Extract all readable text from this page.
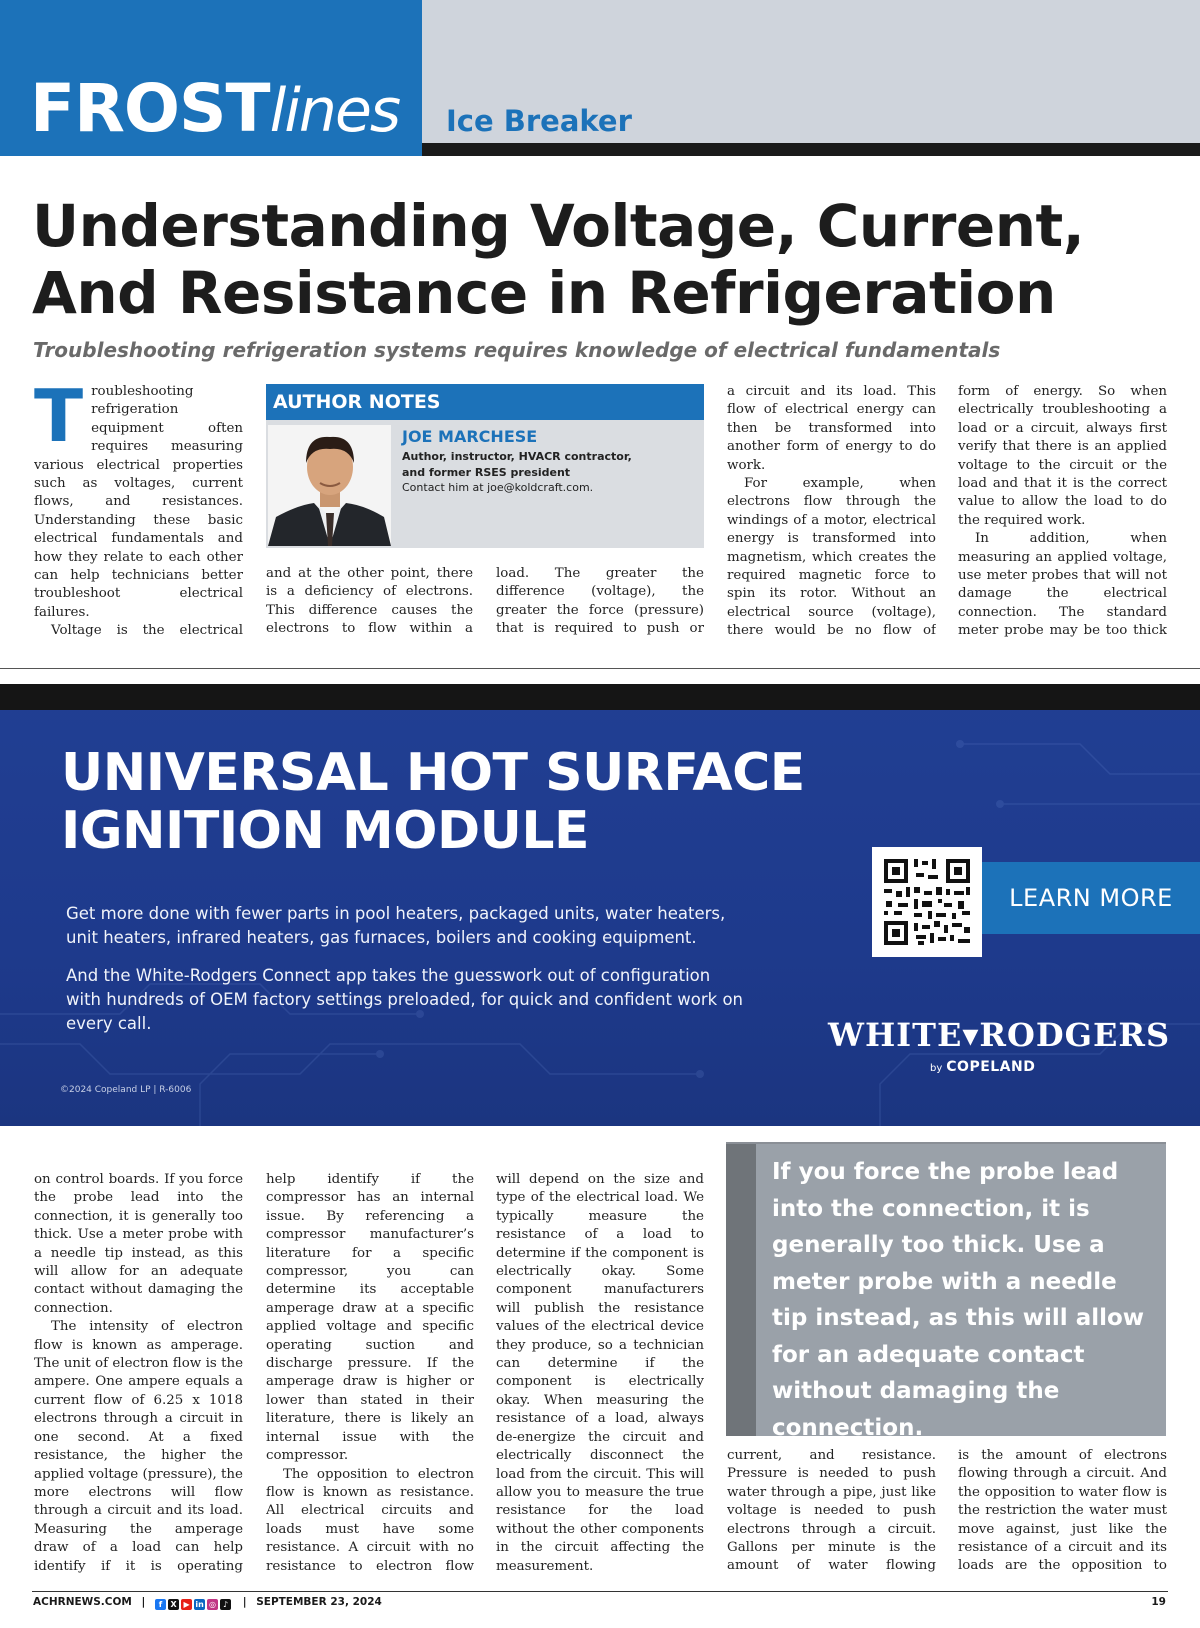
FROSTlines Ice Breaker
Understanding Voltage, Current,
And Resistance in Refrigeration
Troubleshooting refrigeration systems requires knowledge of electrical fundamentals

Troubleshooting refrigeration equipment often requires measuring various electrical properties such as voltages, current flows, and resistances. Understanding these basic electrical fundamentals and how they relate to each other can help technicians better troubleshoot electrical failures.

Voltage is the electrical

AUTHOR NOTES
JOE MARCHESE
Author, instructor, HVACR contractor,
and former RSES president
Contact him at joe@koldcraft.com.

and at the other point, there is a deficiency of electrons. This difference causes the electrons to flow within a

load. The greater the difference (voltage), the greater the force (pressure) that is required to push or

a circuit and its load. This flow of electrical energy can then be transformed into another form of energy to do work.

For example, when electrons flow through the windings of a motor, electrical energy is transformed into magnetism, which creates the required magnetic force to spin its rotor. Without an electrical source (voltage), there would be no flow of

form of energy. So when electrically troubleshooting a load or a circuit, always first verify that there is an applied voltage to the circuit or the load and that it is the correct value to allow the load to do the required work.

In addition, when measuring an applied voltage, use meter probes that will not damage the electrical connection. The standard meter probe may be too thick

UNIVERSAL HOT SURFACE
IGNITION MODULE
Get more done with fewer parts in pool heaters, packaged units, water heaters, unit heaters, infrared heaters, gas furnaces, boilers and cooking equipment.
And the White-Rodgers Connect app takes the guesswork out of configuration with hundreds of OEM factory settings preloaded, for quick and confident work on every call.
LEARN MORE
WHITE▾RODGERS
by COPELAND
©2024 Copeland LP | R-6006

on control boards. If you force the probe lead into the connection, it is generally too thick. Use a meter probe with a needle tip instead, as this will allow for an adequate contact without damaging the connection.

The intensity of electron flow is known as amperage. The unit of electron flow is the ampere. One ampere equals a current flow of 6.25 x 1018 electrons through a circuit in one second. At a fixed resistance, the higher the applied voltage (pressure), the more electrons will flow through a circuit and its load. Measuring the amperage draw of a load can help identify if it is operating

help identify if the compressor has an internal issue. By referencing a compressor manufacturer’s literature for a specific compressor, you can determine its acceptable amperage draw at a specific applied voltage and specific operating suction and discharge pressure. If the amperage draw is higher or lower than stated in their literature, there is likely an internal issue with the compressor.

The opposition to electron flow is known as resistance. All electrical circuits and loads must have some resistance. A circuit with no resistance to electron flow

will depend on the size and type of the electrical load. We typically measure the resistance of a load to determine if the component is electrically okay. Some component manufacturers will publish the resistance values of the electrical device they produce, so a technician can determine if the component is electrically okay. When measuring the resistance of a load, always de-energize the circuit and electrically disconnect the load from the circuit. This will allow you to measure the true resistance for the load without the other components in the circuit affecting the measurement.

If you force the probe lead into the connection, it is generally too thick. Use a meter probe with a needle tip instead, as this will allow for an adequate contact without damaging the connection.

current, and resistance. Pressure is needed to push water through a pipe, just like voltage is needed to push electrons through a circuit. Gallons per minute is the amount of water flowing

is the amount of electrons flowing through a circuit. And the opposition to water flow is the restriction the water must move against, just like the resistance of a circuit and its loads are the opposition to

ACHRNEWS.COM | f X ▶ in ◎ ♪ | SEPTEMBER 23, 2024	19
